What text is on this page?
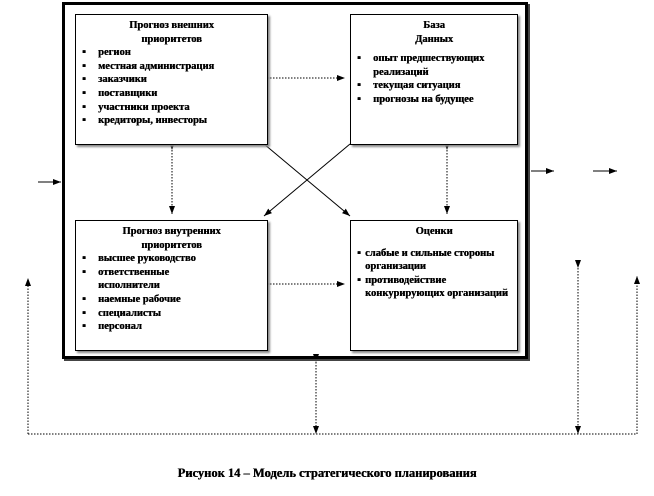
Прогноз внешних
приоритетов
▪ регион
▪ местная администрация
▪ заказчики
▪ поставщики
▪ участники проекта
▪ кредиторы, инвесторы
База
Данных
▪ опыт предшествующих реализаций
▪ текущая ситуация
▪ прогнозы на будущее
Прогноз внутренних
приоритетов
▪ высшее руководство
▪ ответственные исполнители
▪ наемные рабочие
▪ специалисты
▪ персонал
Оценки
▪ слабые и сильные стороны организации
▪ противодействие конкурирующих организаций
Рисунок 14 – Модель стратегического планирования
